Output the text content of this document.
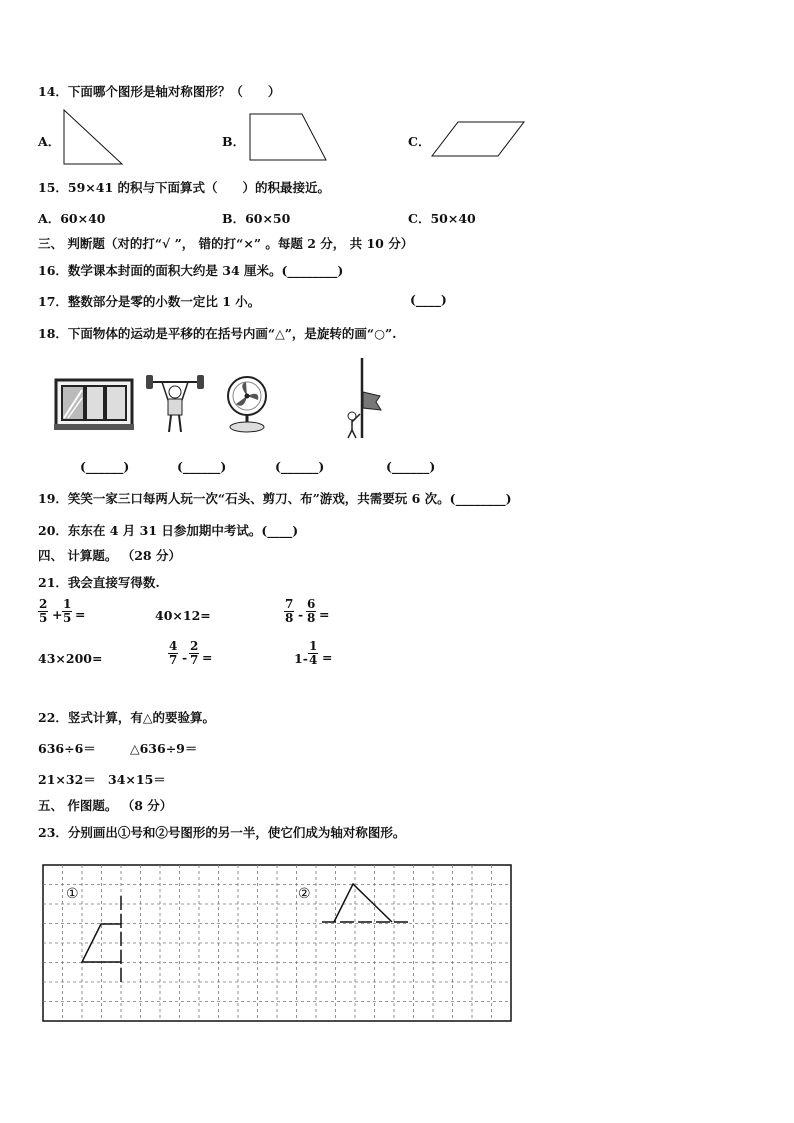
14．下面哪个图形是轴对称图形？（　　）
A．	B．	C．
15．59×41 的积与下面算式（　　）的积最接近。
A．60×40	B．60×50	C．50×40
三、 判断题（对的打“√ ”， 错的打“×” 。每题 2 分， 共 10 分）
16．数学课本封面的面积大约是 34 厘米。(________)
17．整数部分是零的小数一定比 1 小。	(____)
18．下面物体的运动是平移的在括号内画“△”，是旋转的画“○”.
(______)	(______)	(______)	(______)
19．笑笑一家三口每两人玩一次“石头、剪刀、布”游戏，共需要玩 6 次。(________)
20．东东在 4 月 31 日参加期中考试。(____)
四、 计算题。 （28 分）
21．我会直接写得数.
$\frac{2}{5} + \frac{1}{5}$ =	40×12=	$\frac{7}{8} - \frac{6}{8}$ =
43×200=	$\frac{4}{7} - \frac{2}{7}$ =	$1- \frac{1}{4}$ =
22．竖式计算，有△的要验算。
636÷6＝	△636÷9＝
21×32＝ 34×15＝
五、 作图题。 （8 分）
23．分别画出①号和②号图形的另一半，使它们成为轴对称图形。
①	②
